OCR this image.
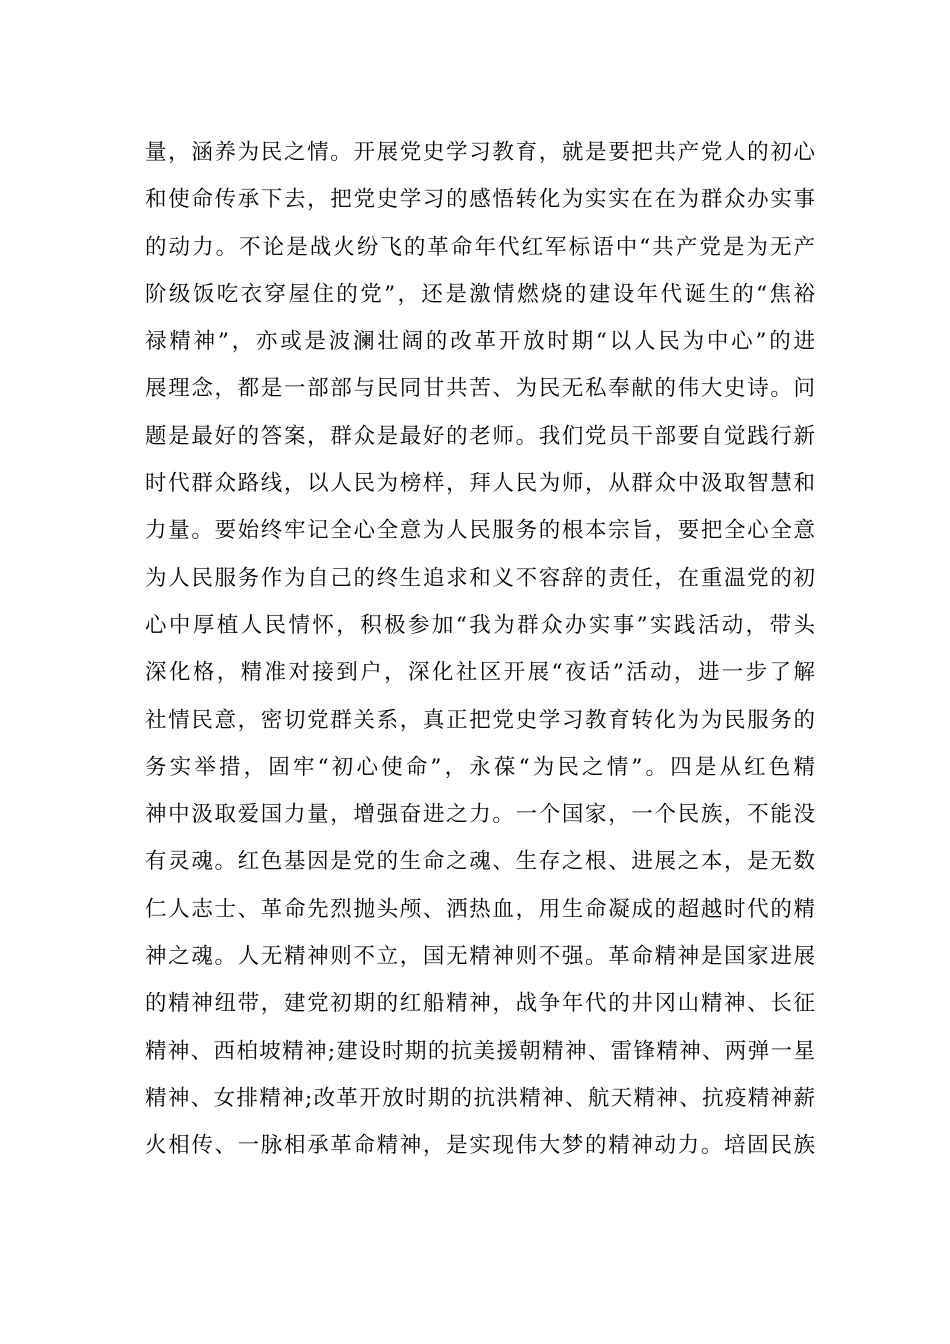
量，涵养为民之情。开展党史学习教育，就是要把共产党人的初心
和使命传承下去，把党史学习的感悟转化为实实在在为群众办实事
的动力。不论是战火纷飞的革命年代红军标语中“共产党是为无产
阶级饭吃衣穿屋住的党”，还是激情燃烧的建设年代诞生的“焦裕
禄精神”，亦或是波澜壮阔的改革开放时期“以人民为中心”的进
展理念，都是一部部与民同甘共苦、为民无私奉献的伟大史诗。问
题是最好的答案，群众是最好的老师。我们党员干部要自觉践行新
时代群众路线，以人民为榜样，拜人民为师，从群众中汲取智慧和
力量。要始终牢记全心全意为人民服务的根本宗旨，要把全心全意
为人民服务作为自己的终生追求和义不容辞的责任，在重温党的初
心中厚植人民情怀，积极参加“我为群众办实事”实践活动，带头
深化格，精准对接到户，深化社区开展“夜话”活动，进一步了解
社情民意，密切党群关系，真正把党史学习教育转化为为民服务的
务实举措，固牢“初心使命”，永葆“为民之情”。四是从红色精
神中汲取爱国力量，增强奋进之力。一个国家，一个民族，不能没
有灵魂。红色基因是党的生命之魂、生存之根、进展之本，是无数
仁人志士、革命先烈抛头颅、洒热血，用生命凝成的超越时代的精
神之魂。人无精神则不立，国无精神则不强。革命精神是国家进展
的精神纽带，建党初期的红船精神，战争年代的井冈山精神、长征
精神、西柏坡精神;建设时期的抗美援朝精神、雷锋精神、两弹一星
精神、女排精神;改革开放时期的抗洪精神、航天精神、抗疫精神薪
火相传、一脉相承革命精神，是实现伟大梦的精神动力。培固民族
